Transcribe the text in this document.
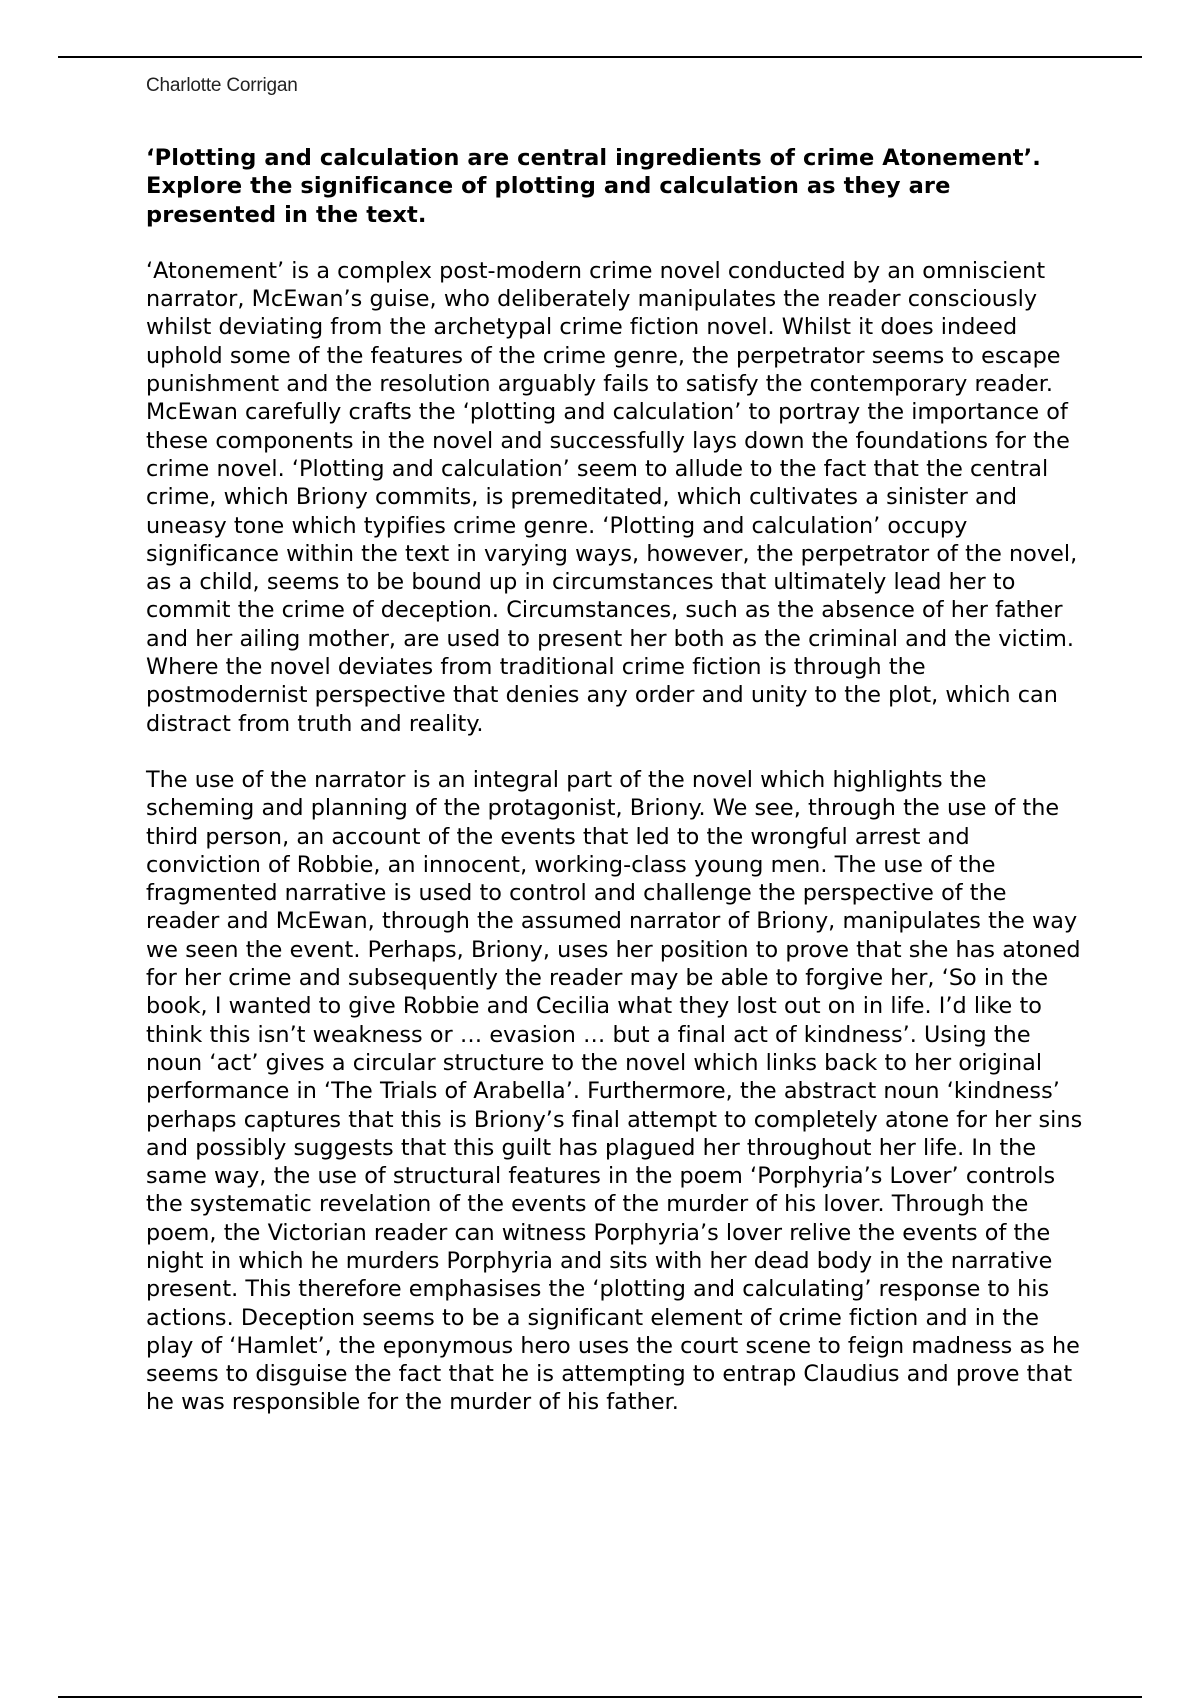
Charlotte Corrigan
‘Plotting and calculation are central ingredients of crime Atonement’. Explore the significance of plotting and calculation as they are presented in the text.

‘Atonement’ is a complex post-modern crime novel conducted by an omniscient narrator, McEwan’s guise, who deliberately manipulates the reader consciously whilst deviating from the archetypal crime fiction novel. Whilst it does indeed uphold some of the features of the crime genre, the perpetrator seems to escape punishment and the resolution arguably fails to satisfy the contemporary reader. McEwan carefully crafts the ‘plotting and calculation’ to portray the importance of these components in the novel and successfully lays down the foundations for the crime novel. ‘Plotting and calculation’ seem to allude to the fact that the central crime, which Briony commits, is premeditated, which cultivates a sinister and uneasy tone which typifies crime genre. ‘Plotting and calculation’ occupy significance within the text in varying ways, however, the perpetrator of the novel, as a child, seems to be bound up in circumstances that ultimately lead her to commit the crime of deception. Circumstances, such as the absence of her father and her ailing mother, are used to present her both as the criminal and the victim. Where the novel deviates from traditional crime fiction is through the postmodernist perspective that denies any order and unity to the plot, which can distract from truth and reality.

The use of the narrator is an integral part of the novel which highlights the scheming and planning of the protagonist, Briony. We see, through the use of the third person, an account of the events that led to the wrongful arrest and conviction of Robbie, an innocent, working-class young men. The use of the fragmented narrative is used to control and challenge the perspective of the reader and McEwan, through the assumed narrator of Briony, manipulates the way we seen the event. Perhaps, Briony, uses her position to prove that she has atoned for her crime and subsequently the reader may be able to forgive her, ‘So in the book, I wanted to give Robbie and Cecilia what they lost out on in life. I’d like to think this isn’t weakness or … evasion … but a final act of kindness’. Using the noun ‘act’ gives a circular structure to the novel which links back to her original performance in ‘The Trials of Arabella’. Furthermore, the abstract noun ‘kindness’ perhaps captures that this is Briony’s final attempt to completely atone for her sins and possibly suggests that this guilt has plagued her throughout her life. In the same way, the use of structural features in the poem ‘Porphyria’s Lover’ controls the systematic revelation of the events of the murder of his lover. Through the poem, the Victorian reader can witness Porphyria’s lover relive the events of the night in which he murders Porphyria and sits with her dead body in the narrative present. This therefore emphasises the ‘plotting and calculating’ response to his actions. Deception seems to be a significant element of crime fiction and in the play of ‘Hamlet’, the eponymous hero uses the court scene to feign madness as he seems to disguise the fact that he is attempting to entrap Claudius and prove that he was responsible for the murder of his father.
